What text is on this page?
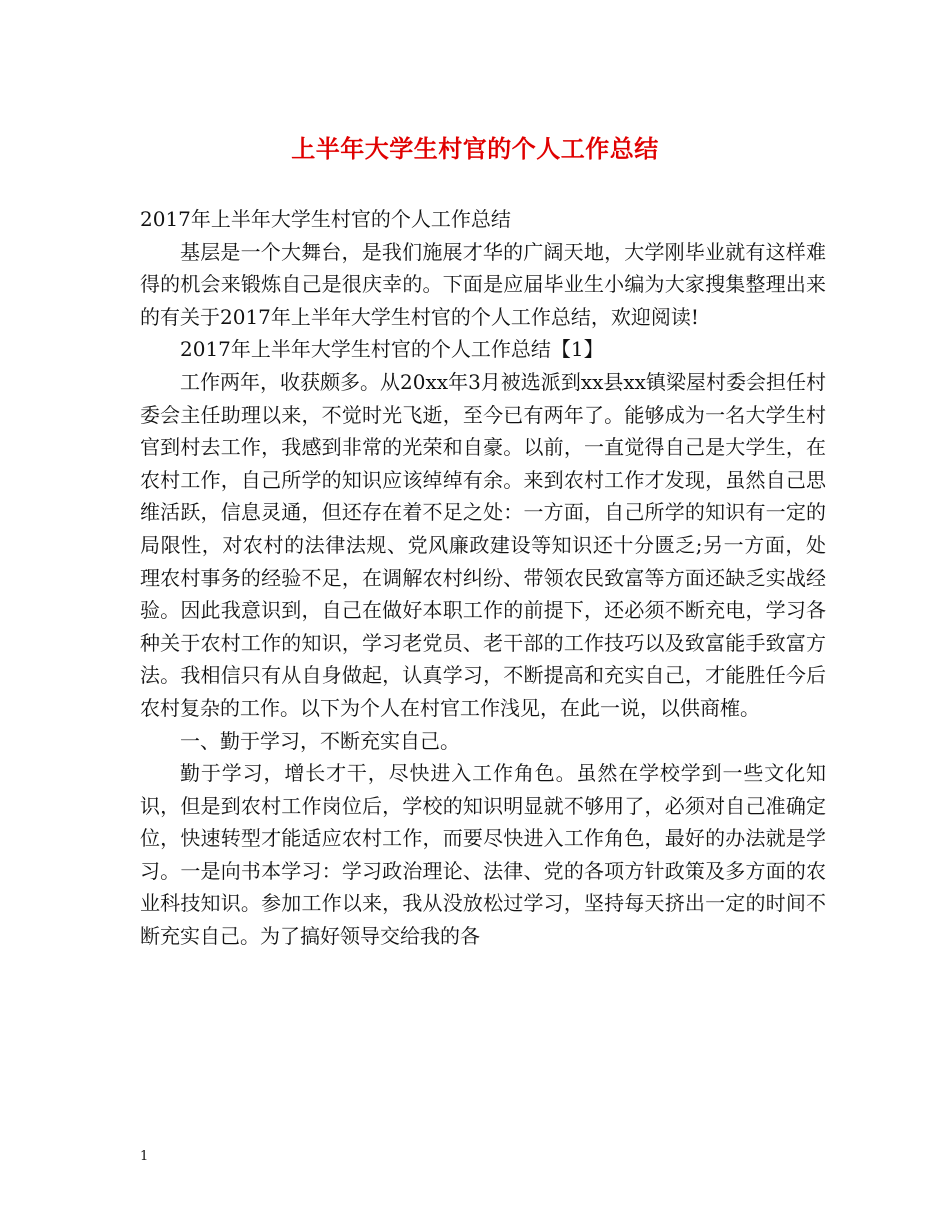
上半年大学生村官的个人工作总结

2017年上半年大学生村官的个人工作总结

基层是一个大舞台，是我们施展才华的广阔天地，大学刚毕业就有这样难得的机会来锻炼自己是很庆幸的。下面是应届毕业生小编为大家搜集整理出来的有关于2017年上半年大学生村官的个人工作总结，欢迎阅读!

2017年上半年大学生村官的个人工作总结【1】

工作两年，收获颇多。从20xx年3月被选派到xx县xx镇梁屋村委会担任村委会主任助理以来，不觉时光飞逝，至今已有两年了。能够成为一名大学生村官到村去工作，我感到非常的光荣和自豪。以前，一直觉得自己是大学生，在农村工作，自己所学的知识应该绰绰有余。来到农村工作才发现，虽然自己思维活跃，信息灵通，但还存在着不足之处：一方面，自己所学的知识有一定的局限性，对农村的法律法规、党风廉政建设等知识还十分匮乏;另一方面，处理农村事务的经验不足，在调解农村纠纷、带领农民致富等方面还缺乏实战经验。因此我意识到，自己在做好本职工作的前提下，还必须不断充电，学习各种关于农村工作的知识，学习老党员、老干部的工作技巧以及致富能手致富方法。我相信只有从自身做起，认真学习，不断提高和充实自己，才能胜任今后农村复杂的工作。以下为个人在村官工作浅见，在此一说，以供商榷。

一、勤于学习，不断充实自己。

勤于学习，增长才干，尽快进入工作角色。虽然在学校学到一些文化知识，但是到农村工作岗位后，学校的知识明显就不够用了，必须对自己准确定位，快速转型才能适应农村工作，而要尽快进入工作角色，最好的办法就是学习。一是向书本学习：学习政治理论、法律、党的各项方针政策及多方面的农业科技知识。参加工作以来，我从没放松过学习，坚持每天挤出一定的时间不断充实自己。为了搞好领导交给我的各

1
